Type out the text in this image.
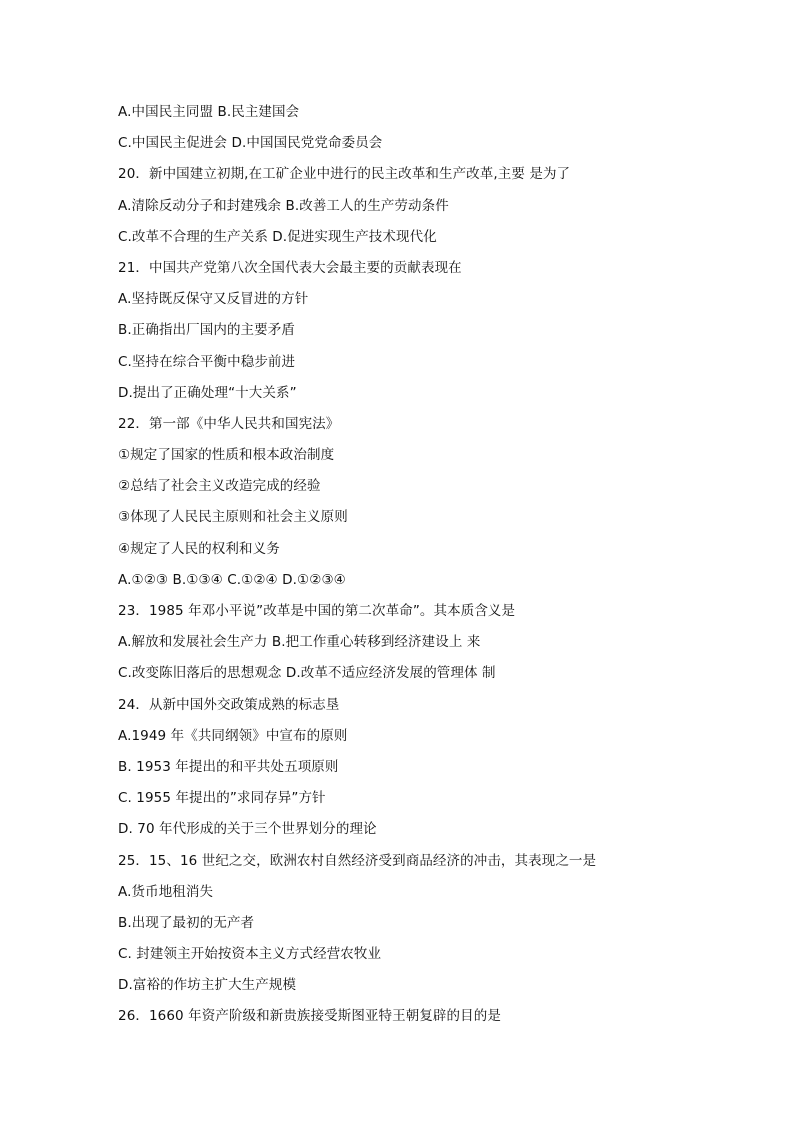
A.中国民主同盟 B.民主建国会
C.中国民主促进会 D.中国国民党党命委员会
20．新中国建立初期,在工矿企业中进行的民主改革和生产改革,主要 是为了
A.清除反动分子和封建残余 B.改善工人的生产劳动条件
C.改革不合理的生产关系 D.促进实现生产技术现代化
21．中国共产党第八次全国代表大会最主要的贡献表现在
A.坚持既反保守又反冒进的方针
B.正确指出厂国内的主要矛盾
C.坚持在综合平衡中稳步前进
D.提出了正确处理“十大关系”
22．第一部《中华人民共和国宪法》
①规定了国家的性质和根本政治制度
②总结了社会主义改造完成的经验
③体现了人民民主原则和社会主义原则
④规定了人民的权利和义务
A.①②③ B.①③④ C.①②④ D.①②③④
23．1985 年邓小平说”改革是中国的第二次革命”。其本质含义是
A.解放和发展社会生产力 B.把工作重心转移到经济建设上 来
C.改变陈旧落后的思想观念 D.改革不适应经济发展的管理体 制
24．从新中国外交政策成熟的标志垦
A.1949 年《共同纲领》中宣布的原则
B. 1953 年提出的和平共处五项原则
C. 1955 年提出的”求同存异”方针
D. 70 年代形成的关于三个世界划分的理论
25．15、16 世纪之交，欧洲农村自然经济受到商品经济的冲击，其表现之一是
A.货币地租消失
B.出现了最初的无产者
C. 封建领主开始按资本主义方式经营农牧业
D.富裕的作坊主扩大生产规模
26．1660 年资产阶级和新贵族接受斯图亚特王朝复辟的目的是
